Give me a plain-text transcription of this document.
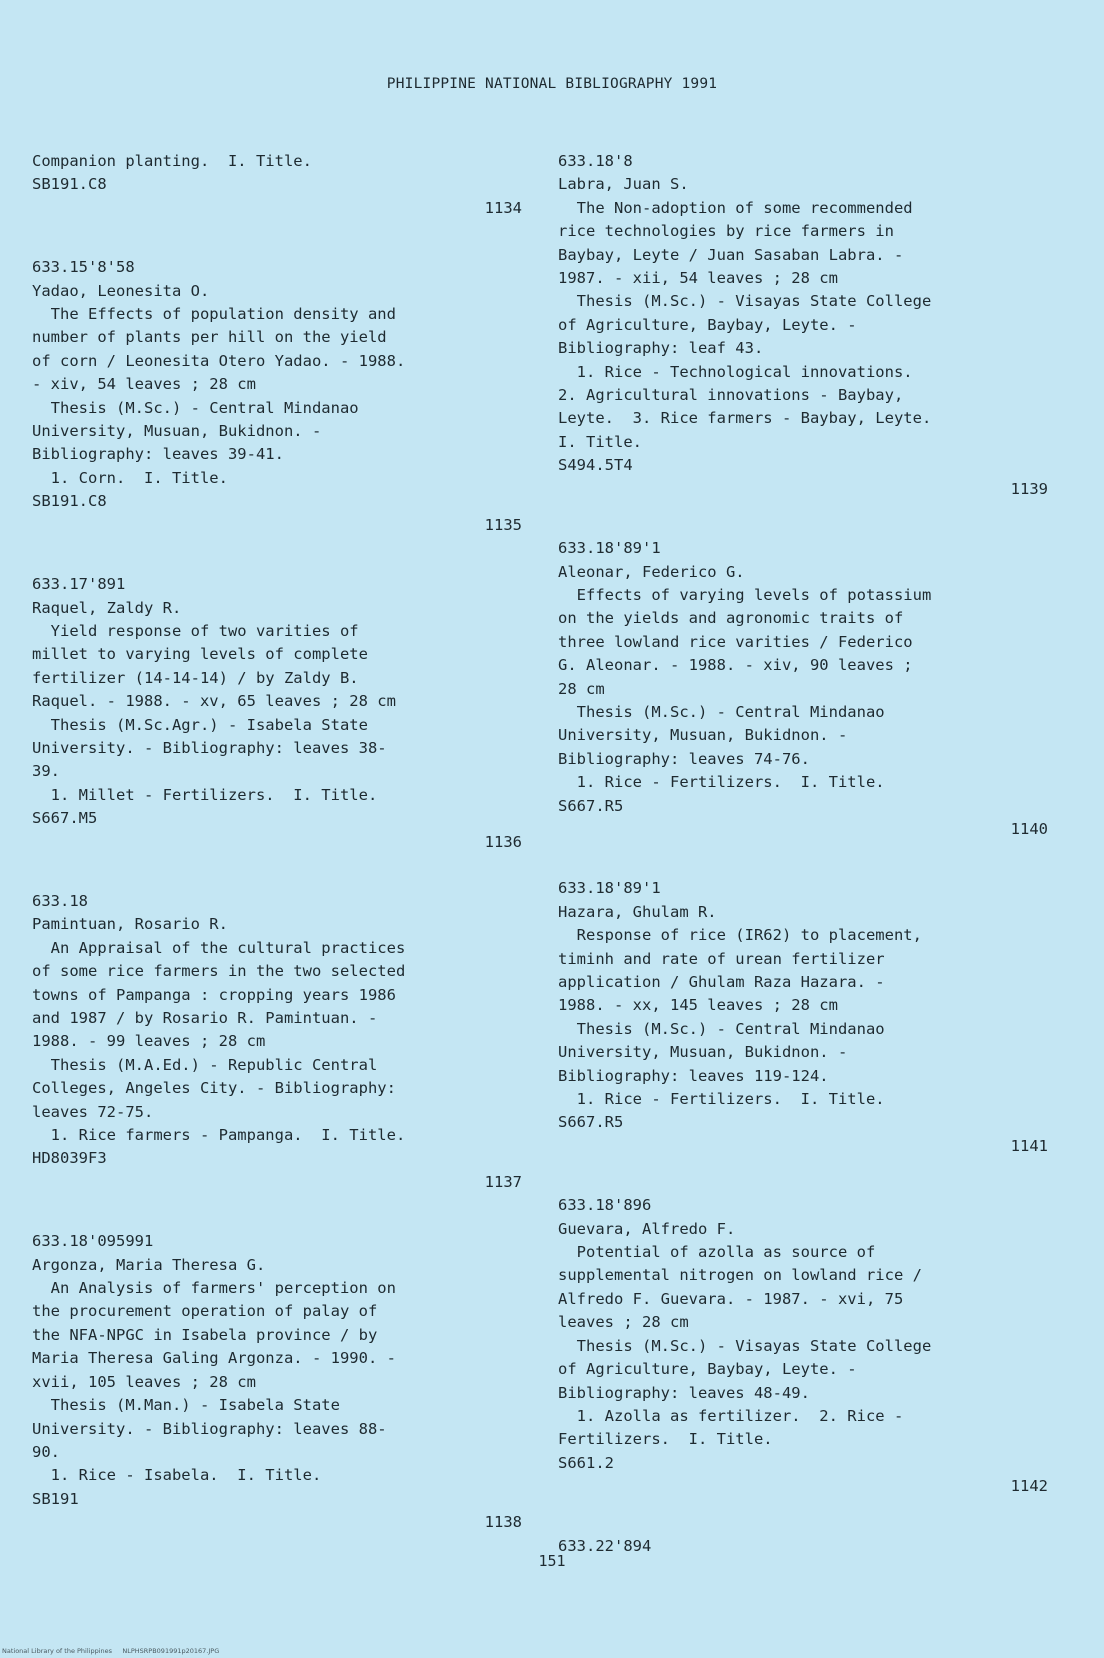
PHILIPPINE NATIONAL BIBLIOGRAPHY 1991
Companion planting.  I. Title.
SB191.C8
1134
633.15'8'58
Yadao, Leonesita O.
The Effects of population density and
number of plants per hill on the yield
of corn / Leonesita Otero Yadao. - 1988.
- xiv, 54 leaves ; 28 cm
Thesis (M.Sc.) - Central Mindanao
University, Musuan, Bukidnon. -
Bibliography: leaves 39-41.
1. Corn.  I. Title.
SB191.C8
1135
633.17'891
Raquel, Zaldy R.
Yield response of two varities of
millet to varying levels of complete
fertilizer (14-14-14) / by Zaldy B.
Raquel. - 1988. - xv, 65 leaves ; 28 cm
Thesis (M.Sc.Agr.) - Isabela State
University. - Bibliography: leaves 38-
39.
1. Millet - Fertilizers.  I. Title.
S667.M5
1136
633.18
Pamintuan, Rosario R.
An Appraisal of the cultural practices
of some rice farmers in the two selected
towns of Pampanga : cropping years 1986
and 1987 / by Rosario R. Pamintuan. -
1988. - 99 leaves ; 28 cm
Thesis (M.A.Ed.) - Republic Central
Colleges, Angeles City. - Bibliography:
leaves 72-75.
1. Rice farmers - Pampanga.  I. Title.
HD8039F3
1137
633.18'095991
Argonza, Maria Theresa G.
An Analysis of farmers' perception on
the procurement operation of palay of
the NFA-NPGC in Isabela province / by
Maria Theresa Galing Argonza. - 1990. -
xvii, 105 leaves ; 28 cm
Thesis (M.Man.) - Isabela State
University. - Bibliography: leaves 88-
90.
1. Rice - Isabela.  I. Title.
SB191
1138
633.18'8
Labra, Juan S.
The Non-adoption of some recommended
rice technologies by rice farmers in
Baybay, Leyte / Juan Sasaban Labra. -
1987. - xii, 54 leaves ; 28 cm
Thesis (M.Sc.) - Visayas State College
of Agriculture, Baybay, Leyte. -
Bibliography: leaf 43.
1. Rice - Technological innovations.
2. Agricultural innovations - Baybay,
Leyte.  3. Rice farmers - Baybay, Leyte.
I. Title.
S494.5T4
1139
633.18'89'1
Aleonar, Federico G.
Effects of varying levels of potassium
on the yields and agronomic traits of
three lowland rice varities / Federico
G. Aleonar. - 1988. - xiv, 90 leaves ;
28 cm
Thesis (M.Sc.) - Central Mindanao
University, Musuan, Bukidnon. -
Bibliography: leaves 74-76.
1. Rice - Fertilizers.  I. Title.
S667.R5
1140
633.18'89'1
Hazara, Ghulam R.
Response of rice (IR62) to placement,
timinh and rate of urean fertilizer
application / Ghulam Raza Hazara. -
1988. - xx, 145 leaves ; 28 cm
Thesis (M.Sc.) - Central Mindanao
University, Musuan, Bukidnon. -
Bibliography: leaves 119-124.
1. Rice - Fertilizers.  I. Title.
S667.R5
1141
633.18'896
Guevara, Alfredo F.
Potential of azolla as source of
supplemental nitrogen on lowland rice /
Alfredo F. Guevara. - 1987. - xvi, 75
leaves ; 28 cm
Thesis (M.Sc.) - Visayas State College
of Agriculture, Baybay, Leyte. -
Bibliography: leaves 48-49.
1. Azolla as fertilizer.  2. Rice -
Fertilizers.  I. Title.
S661.2
1142
633.22'894
151
National Library of the Philippines     NLPHSRPB091991p20167.JPG
